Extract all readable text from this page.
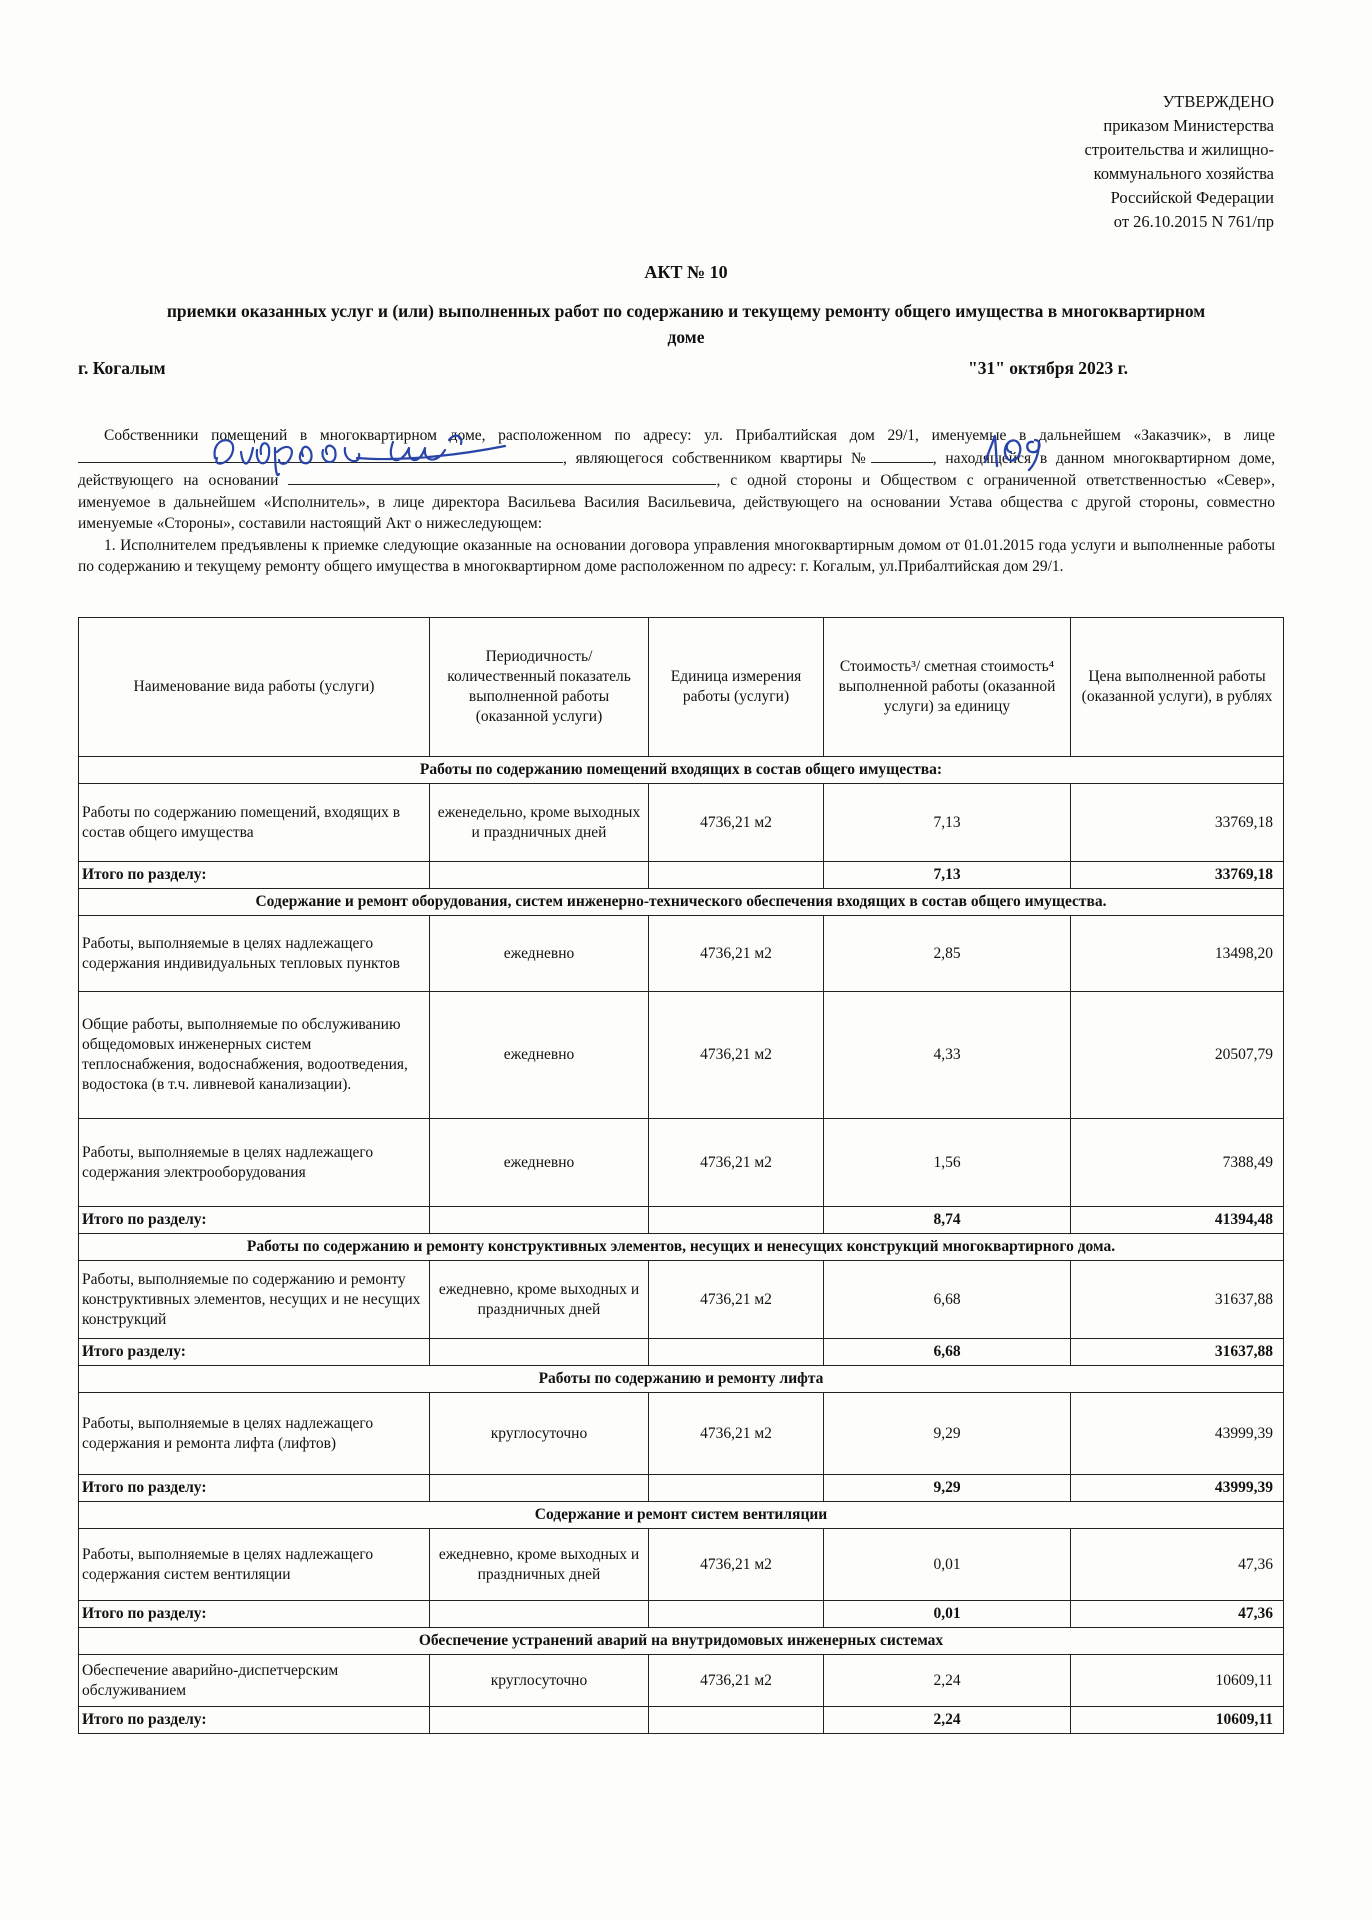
УТВЕРЖДЕНО
приказом Министерства
строительства и жилищно-
коммунального хозяйства
Российской Федерации
от 26.10.2015 N 761/пр
АКТ № 10
приемки оказанных услуг и (или) выполненных работ по содержанию и текущему ремонту общего имущества в многоквартирном доме
г. Когалым	"31" октября 2023 г.

Собственники помещений в многоквартирном доме, расположенном по адресу: ул. Прибалтийская дом 29/1, именуемые в дальнейшем «Заказчик», в лице , являющегося собственником квартиры №	, находящейся в данном многоквартирном доме, действующего на основании	, с одной стороны и Обществом с ограниченной ответственностью «Север», именуемое в дальнейшем «Исполнитель», в лице директора Васильева Василия Васильевича, действующего на основании Устава общества с другой стороны, совместно именуемые «Стороны», составили настоящий Акт о нижеследующем:

1. Исполнителем предъявлены к приемке следующие оказанные на основании договора управления многоквартирным домом от 01.01.2015 года услуги и выполненные работы по содержанию и текущему ремонту общего имущества в многоквартирном доме расположенном по адресу: г. Когалым, ул.Прибалтийская дом 29/1.

Наименование вида работы (услуги)	Периодичность/ количественный показатель выполненной работы (оказанной услуги)	Единица измерения работы (услуги)	Стоимость³/ сметная стоимость⁴ выполненной работы (оказанной услуги) за единицу	Цена выполненной работы (оказанной услуги), в рублях
Работы по содержанию помещений входящих в состав общего имущества:				
Работы по содержанию помещений, входящих в состав общего имущества	еженедельно, кроме выходных и праздничных дней	4736,21 м2	7,13	33769,18
Итого по разделу:			7,13	33769,18
Содержание и ремонт оборудования, систем инженерно-технического обеспечения входящих в состав общего имущества.				
Работы, выполняемые в целях надлежащего содержания индивидуальных тепловых пунктов	ежедневно	4736,21 м2	2,85	13498,20
Общие работы, выполняемые по обслуживанию общедомовых инженерных систем теплоснабжения, водоснабжения, водоотведения, водостока (в т.ч. ливневой канализации).	ежедневно	4736,21 м2	4,33	20507,79
Работы, выполняемые в целях надлежащего содержания электрооборудования	ежедневно	4736,21 м2	1,56	7388,49
Итого по разделу:			8,74	41394,48
Работы по содержанию и ремонту конструктивных элементов, несущих и ненесущих конструкций многоквартирного дома.				
Работы, выполняемые по содержанию и ремонту конструктивных элементов, несущих и не несущих конструкций	ежедневно, кроме выходных и праздничных дней	4736,21 м2	6,68	31637,88
Итого разделу:			6,68	31637,88
Работы по содержанию и ремонту лифта				
Работы, выполняемые в целях надлежащего содержания и ремонта лифта (лифтов)	круглосуточно	4736,21 м2	9,29	43999,39
Итого по разделу:			9,29	43999,39
Содержание и ремонт систем вентиляции				
Работы, выполняемые в целях надлежащего содержания систем вентиляции	ежедневно, кроме выходных и праздничных дней	4736,21 м2	0,01	47,36
Итого по разделу:			0,01	47,36
Обеспечение устранений аварий на внутридомовых инженерных системах				
Обеспечение аварийно-диспетчерским обслуживанием	круглосуточно	4736,21 м2	2,24	10609,11
Итого по разделу:			2,24	10609,11
